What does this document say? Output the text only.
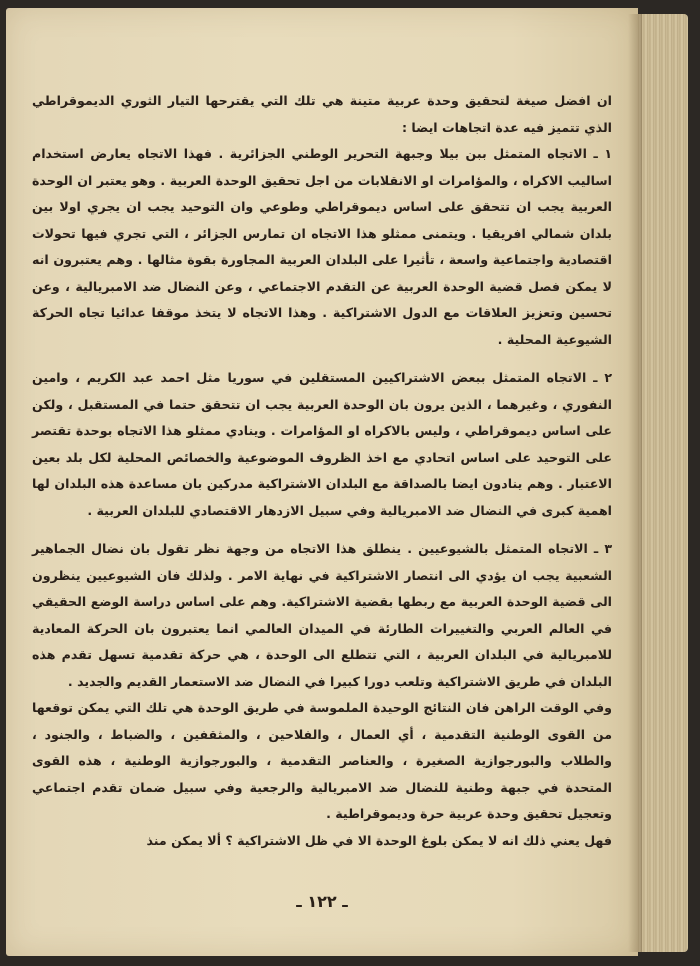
ان افضل صيغة لتحقيق وحدة عربية متينة هي تلك التي يقترحها التيار الثوري الديموقراطي الذي تتميز فيه عدة اتجاهات ايضا :

١ ـ الاتجاه المتمثل ببن بيلا وجبهة التحرير الوطني الجزائرية . فهذا الاتجاه يعارض استخدام اساليب الاكراه ، والمؤامرات او الانقلابات من اجل تحقيق الوحدة العربية . وهو يعتبر ان الوحدة العربية يجب ان تتحقق على اساس ديموقراطي وطوعي وان التوحيد يجب ان يجري اولا بين بلدان شمالي افريقيا . ويتمنى ممثلو هذا الاتجاه ان تمارس الجزائر ، التي تجري فيها تحولات اقتصادية واجتماعية واسعة ، تأثيرا على البلدان العربية المجاورة بقوة مثالها . وهم يعتبرون انه لا يمكن فصل قضية الوحدة العربية عن التقدم الاجتماعي ، وعن النضال ضد الامبريالية ، وعن تحسين وتعزيز العلاقات مع الدول الاشتراكية . وهذا الاتجاه لا يتخذ موقفا عدائيا تجاه الحركة الشيوعية المحلية .

٢ ـ الاتجاه المتمثل ببعض الاشتراكيين المستقلين في سوريا مثل احمد عبد الكريم ، وامين النفوري ، وغيرهما ، الذين يرون بان الوحدة العربية يجب ان تتحقق حتما في المستقبل ، ولكن على اساس ديموقراطي ، وليس بالاكراه او المؤامرات . وينادي ممثلو هذا الاتجاه بوحدة تقتصر على التوحيد على اساس اتحادي مع اخذ الظروف الموضوعية والخصائص المحلية لكل بلد بعين الاعتبار . وهم ينادون ايضا بالصداقة مع البلدان الاشتراكية مدركين بان مساعدة هذه البلدان لها اهمية كبرى في النضال ضد الامبريالية وفي سبيل الازدهار الاقتصادي للبلدان العربية .

٣ ـ الاتجاه المتمثل بالشيوعيين . ينطلق هذا الاتجاه من وجهة نظر تقول بان نضال الجماهير الشعبية يجب ان يؤدي الى انتصار الاشتراكية في نهاية الامر . ولذلك فان الشيوعيين ينظرون الى قضية الوحدة العربية مع ربطها بقضية الاشتراكية. وهم على اساس دراسة الوضع الحقيقي في العالم العربي والتغييرات الطارئة في الميدان العالمي انما يعتبرون بان الحركة المعادية للامبريالية في البلدان العربية ، التي تتطلع الى الوحدة ، هي حركة تقدمية تسهل تقدم هذه البلدان في طريق الاشتراكية وتلعب دورا كبيرا في النضال ضد الاستعمار القديم والجديد .

وفي الوقت الراهن فان النتائج الوحيدة الملموسة في طريق الوحدة هي تلك التي يمكن توقعها من القوى الوطنية التقدمية ، أي العمال ، والفلاحين ، والمثقفين ، والضباط ، والجنود ، والطلاب والبورجوازية الصغيرة ، والعناصر التقدمية ، والبورجوازية الوطنية ، هذه القوى المتحدة في جبهة وطنية للنضال ضد الامبريالية والرجعية وفي سبيل ضمان تقدم اجتماعي وتعجيل تحقيق وحدة عربية حرة وديموقراطية .

فهل يعني ذلك انه لا يمكن بلوغ الوحدة الا في ظل الاشتراكية ؟ ألا يمكن منذ

ـ ١٢٢ ـ
